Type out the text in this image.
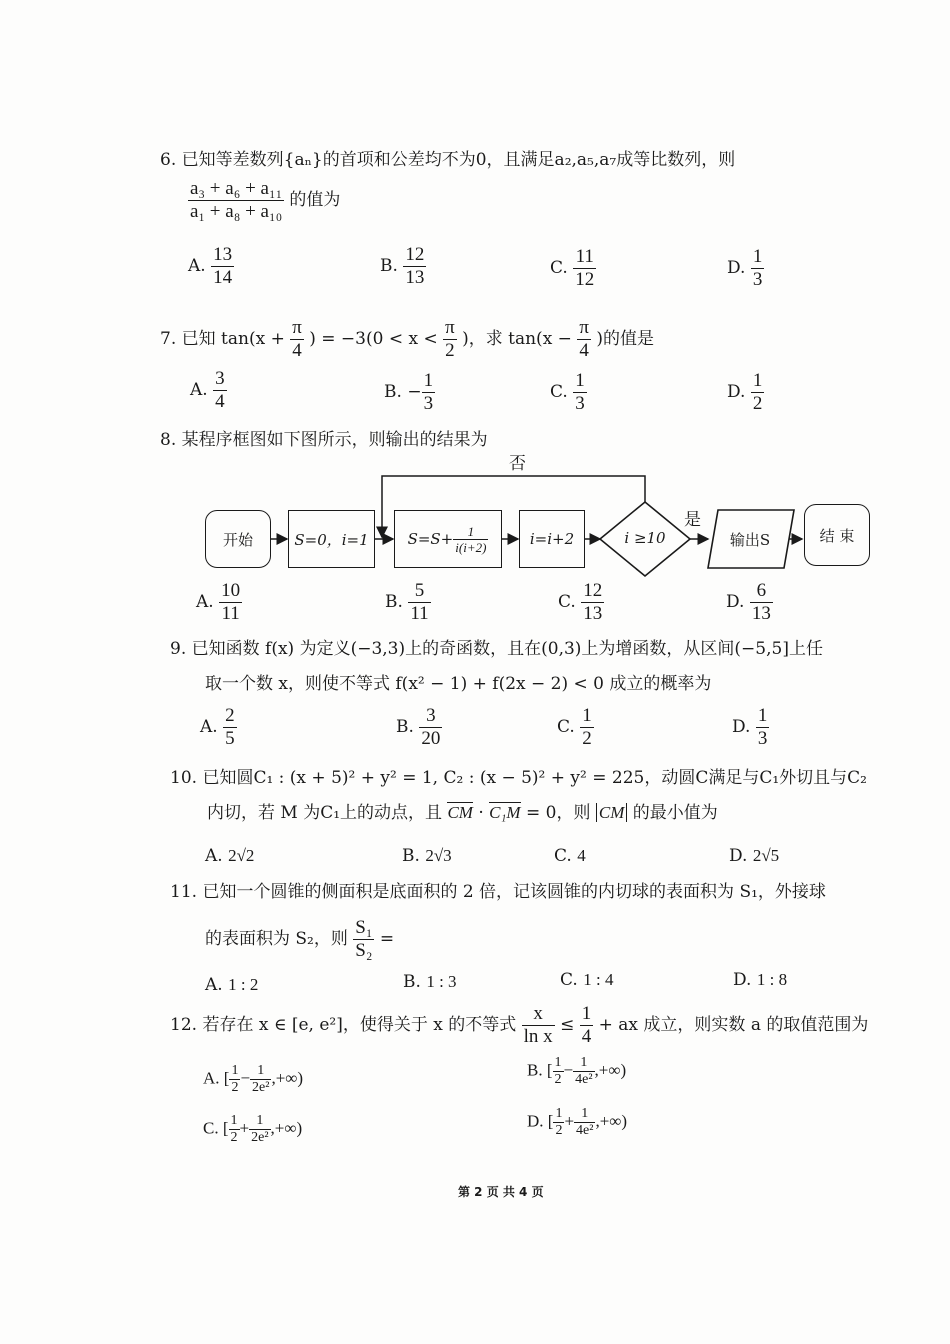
6. 已知等差数列{aₙ}的首项和公差均不为0，且满足a₂,a₅,a₇成等比数列，则
$\frac{\text{a₃ + a₆ + a₁₁}}{\text{a₁ + a₈ + a₁₀}}$ 的值为
A. $\frac{13}{14}$	B. $\frac{12}{13}$	C. $\frac{11}{12}$	D. $\frac{1}{3}$
7. 已知 $\tan(x + \frac{\pi}{4}$ ) = $-3(0 < x < \frac{\pi}{2}$ )，求 $\tan(x - \frac{\pi}{4}$ )的值是
A. $\frac{3}{4}$	B. − $\frac{1}{3}$	C. $\frac{1}{3}$	D. $\frac{1}{2}$
8. 某程序框图如下图所示，则输出的结果为
否
是
开始	S=0，i=1	$S=S+ \frac{1}{i(i+2)}$	i=i+2	i ≥10	输出S	结 束
A. $\frac{10}{11}$	B. $\frac{5}{11}$	C. $\frac{12}{13}$	D. $\frac{6}{13}$
9. 已知函数 f(x) 为定义(−3,3)上的奇函数，且在(0,3)上为增函数，从区间(−5,5]上任
取一个数 x，则使不等式 f(x² − 1) + f(2x − 2) < 0 成立的概率为
A. $\frac{2}{5}$	B. $\frac{3}{20}$	C. $\frac{1}{2}$	D. $\frac{1}{3}$
10. 已知圆C₁ : (x + 5)² + y² = 1, C₂ : (x − 5)² + y² = 225，动圆C满足与C₁外切且与C₂
内切，若 M 为C₁上的动点，且 CM · C₁M = 0，则 CM 的最小值为
A. 2√2	B. 2√3	C. 4	D. 2√5
11. 已知一个圆锥的侧面积是底面积的 2 倍，记该圆锥的内切球的表面积为 S₁，外接球
的表面积为 S₂，则 $\frac{\text{S₁}}{\text{S₂}}$ =
A. 1 : 2	B. 1 : 3	C. 1 : 4	D. 1 : 8
12. 若存在 x ∈ [e, e²]，使得关于 x 的不等式 $\frac{x}{\text{ln x}} \le \frac{1}{4}$ + ax 成立，则实数 a 的取值范围为
A. [ $\frac{1}{2} - \frac{1}{\text{2e²}}$ ,+∞)	B. [ $\frac{1}{2} - \frac{1}{\text{4e²}}$ ,+∞)
C. [ $\frac{1}{2} + \frac{1}{\text{2e²}}$ ,+∞)	D. [ $\frac{1}{2} + \frac{1}{\text{4e²}}$ ,+∞)
第 2 页 共 4 页
